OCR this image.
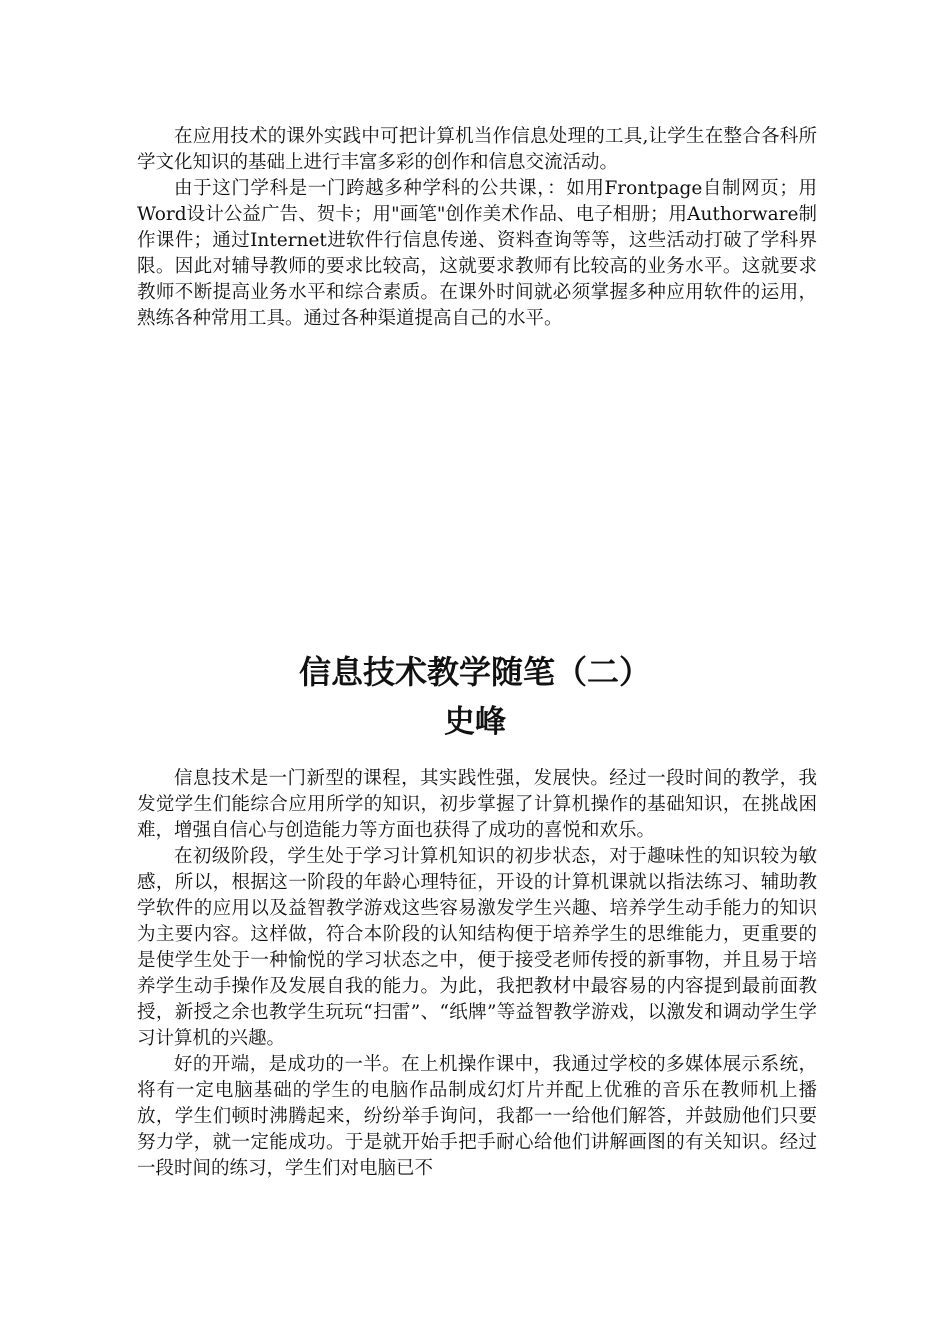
在应用技术的课外实践中可把计算机当作信息处理的工具,让学生在整合各科所学文化知识的基础上进行丰富多彩的创作和信息交流活动。

由于这门学科是一门跨越多种学科的公共课，：如用Frontpage自制网页；用Word设计公益广告、贺卡；用"画笔"创作美术作品、电子相册；用Authorware制作课件；通过Internet进软件行信息传递、资料查询等等，这些活动打破了学科界限。因此对辅导教师的要求比较高，这就要求教师有比较高的业务水平。这就要求教师不断提高业务水平和综合素质。在课外时间就必须掌握多种应用软件的运用，熟练各种常用工具。通过各种渠道提高自己的水平。

信息技术教学随笔（二）
史峰

信息技术是一门新型的课程，其实践性强，发展快。经过一段时间的教学，我发觉学生们能综合应用所学的知识，初步掌握了计算机操作的基础知识，在挑战困难，增强自信心与创造能力等方面也获得了成功的喜悦和欢乐。

在初级阶段，学生处于学习计算机知识的初步状态，对于趣味性的知识较为敏感，所以，根据这一阶段的年龄心理特征，开设的计算机课就以指法练习、辅助教学软件的应用以及益智教学游戏这些容易激发学生兴趣、培养学生动手能力的知识为主要内容。这样做，符合本阶段的认知结构便于培养学生的思维能力，更重要的是使学生处于一种愉悦的学习状态之中，便于接受老师传授的新事物，并且易于培养学生动手操作及发展自我的能力。为此，我把教材中最容易的内容提到最前面教授，新授之余也教学生玩玩“扫雷”、“纸牌”等益智教学游戏，以激发和调动学生学习计算机的兴趣。

好的开端，是成功的一半。在上机操作课中，我通过学校的多媒体展示系统，将有一定电脑基础的学生的电脑作品制成幻灯片并配上优雅的音乐在教师机上播放，学生们顿时沸腾起来，纷纷举手询问，我都一一给他们解答，并鼓励他们只要努力学，就一定能成功。于是就开始手把手耐心给他们讲解画图的有关知识。经过一段时间的练习，学生们对电脑已不
